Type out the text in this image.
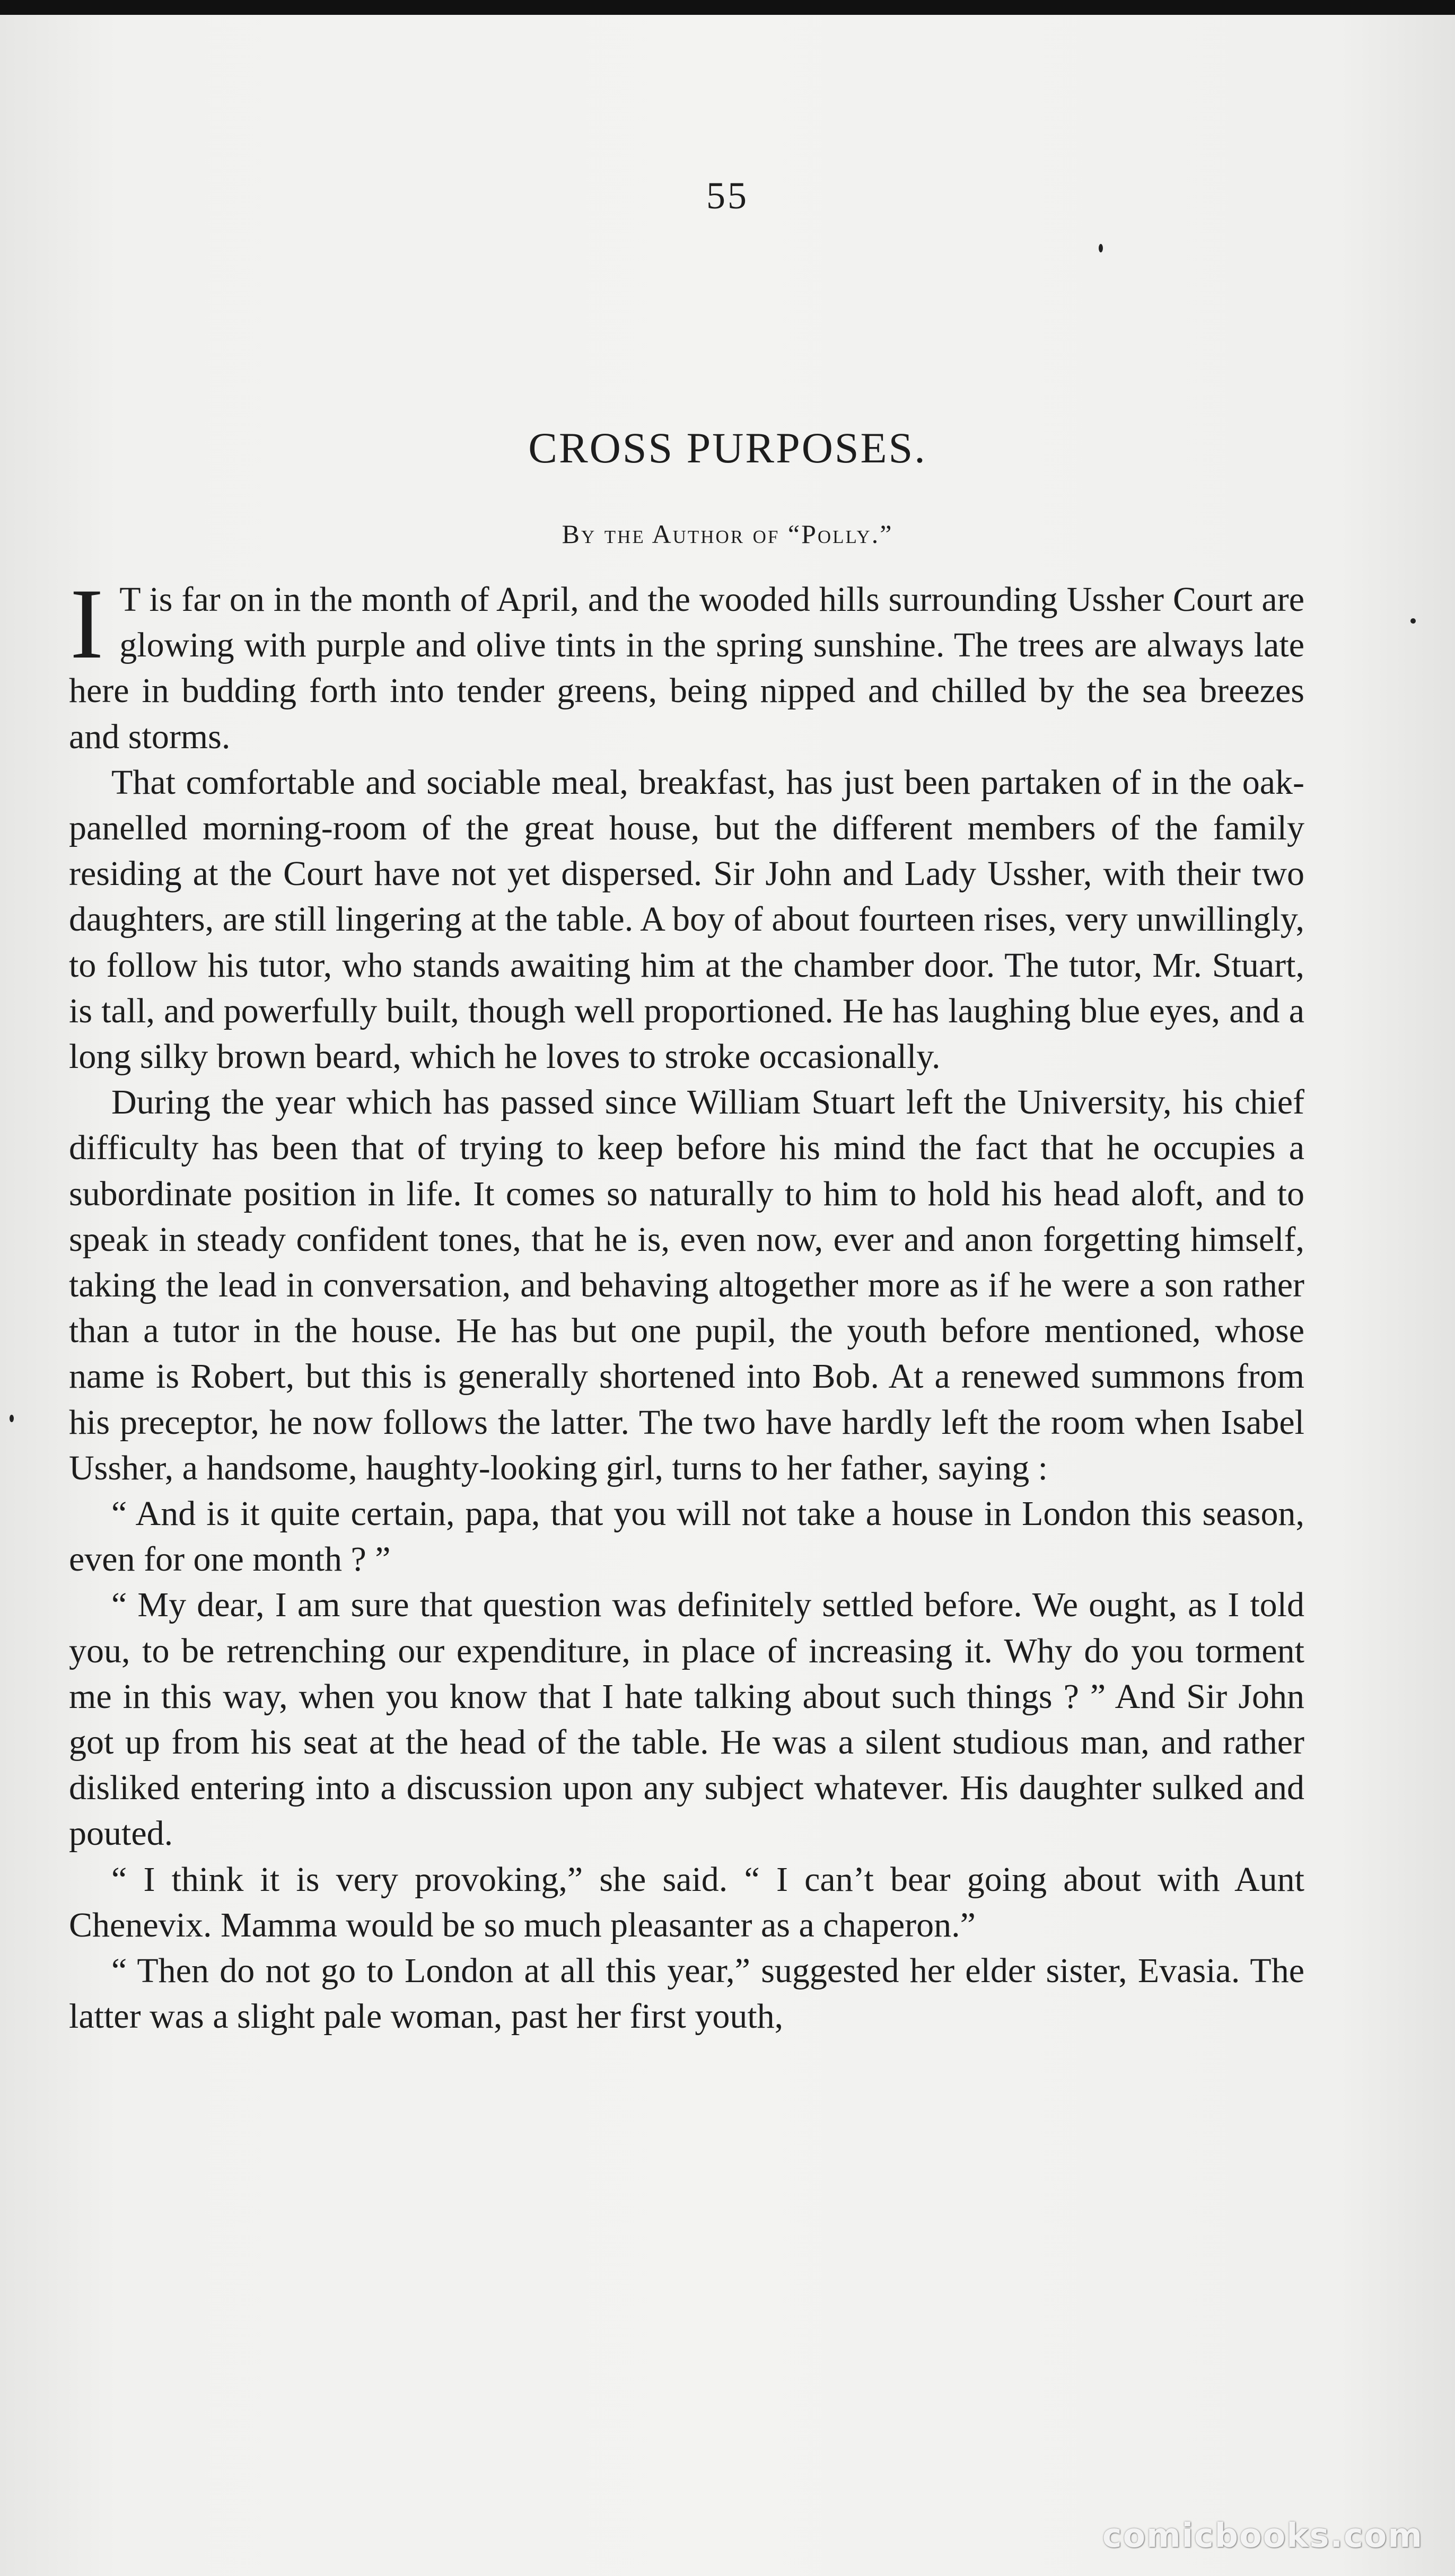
55
CROSS PURPOSES.
By the Author of “Polly.”

I T is far on in the month of April, and the wooded hills surrounding Ussher Court are glowing with purple and olive tints in the spring sunshine. The trees are always late here in budding forth into tender greens, being nipped and chilled by the sea breezes and storms.

That comfortable and sociable meal, breakfast, has just been partaken of in the oak-panelled morning-room of the great house, but the different members of the family residing at the Court have not yet dispersed. Sir John and Lady Ussher, with their two daughters, are still lingering at the table. A boy of about fourteen rises, very unwillingly, to follow his tutor, who stands awaiting him at the chamber door. The tutor, Mr. Stuart, is tall, and powerfully built, though well proportioned. He has laughing blue eyes, and a long silky brown beard, which he loves to stroke occasionally.

During the year which has passed since William Stuart left the University, his chief difficulty has been that of trying to keep before his mind the fact that he occupies a subordinate position in life. It comes so naturally to him to hold his head aloft, and to speak in steady confident tones, that he is, even now, ever and anon forgetting himself, taking the lead in conversation, and behaving altogether more as if he were a son rather than a tutor in the house. He has but one pupil, the youth before mentioned, whose name is Robert, but this is generally shortened into Bob. At a renewed summons from his preceptor, he now follows the latter. The two have hardly left the room when Isabel Ussher, a handsome, haughty-looking girl, turns to her father, saying :

“ And is it quite certain, papa, that you will not take a house in London this season, even for one month ? ”

“ My dear, I am sure that question was definitely settled before. We ought, as I told you, to be retrenching our expenditure, in place of increasing it. Why do you torment me in this way, when you know that I hate talking about such things ? ” And Sir John got up from his seat at the head of the table. He was a silent studious man, and rather disliked entering into a discussion upon any subject whatever. His daughter sulked and pouted.

“ I think it is very provoking,” she said. “ I can’t bear going about with Aunt Chenevix. Mamma would be so much pleasanter as a chaperon.”

“ Then do not go to London at all this year,” suggested her elder sister, Evasia. The latter was a slight pale woman, past her first youth,

comicbooks.com
